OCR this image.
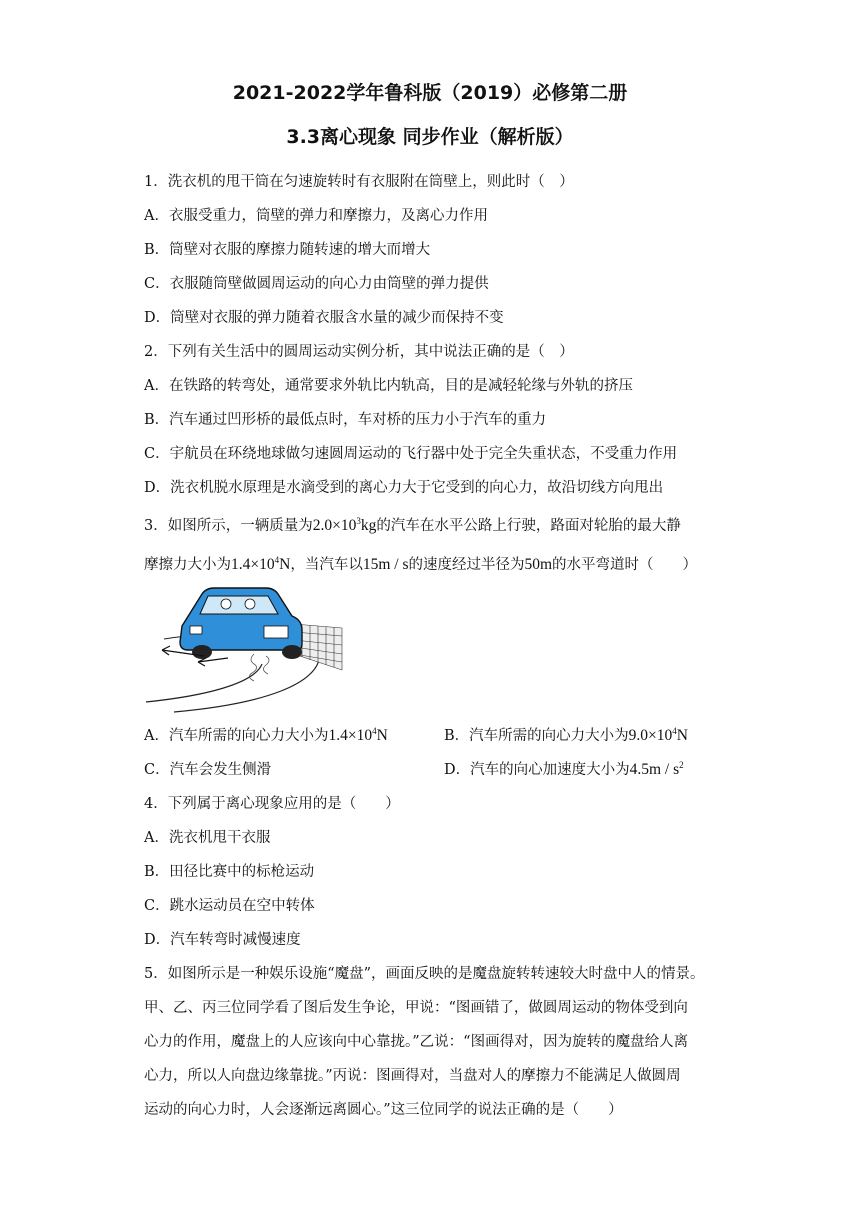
2021-2022学年鲁科版（2019）必修第二册
3.3离心现象 同步作业（解析版）
1．洗衣机的甩干筒在匀速旋转时有衣服附在筒壁上，则此时（　）
A．衣服受重力，筒壁的弹力和摩擦力，及离心力作用
B．筒壁对衣服的摩擦力随转速的增大而增大
C．衣服随筒壁做圆周运动的向心力由筒壁的弹力提供
D．筒壁对衣服的弹力随着衣服含水量的减少而保持不变
2．下列有关生活中的圆周运动实例分析，其中说法正确的是（　）
A．在铁路的转弯处，通常要求外轨比内轨高，目的是减轻轮缘与外轨的挤压
B．汽车通过凹形桥的最低点时，车对桥的压力小于汽车的重力
C．宇航员在环绕地球做匀速圆周运动的飞行器中处于完全失重状态，不受重力作用
D．洗衣机脱水原理是水滴受到的离心力大于它受到的向心力，故沿切线方向甩出
3．如图所示，一辆质量为$2.0\times 10^3kg$的汽车在水平公路上行驶，路面对轮胎的最大静
摩擦力大小为$1.4\times 10^4N$，当汽车以15m / s的速度经过半径为50m的水平弯道时（　　）
A．汽车所需的向心力大小为$1.4\times 10^4N$	B．汽车所需的向心力大小为$9.0\times 10^4N$
C．汽车会发生侧滑	D．汽车的向心加速度大小为$4.5m / s^2$
4．下列属于离心现象应用的是（　　）
A．洗衣机甩干衣服
B．田径比赛中的标枪运动
C．跳水运动员在空中转体
D．汽车转弯时减慢速度
5．如图所示是一种娱乐设施“魔盘”，画面反映的是魔盘旋转转速较大时盘中人的情景。
甲、乙、丙三位同学看了图后发生争论，甲说：“图画错了，做圆周运动的物体受到向
心力的作用，魔盘上的人应该向中心靠拢。”乙说：“图画得对，因为旋转的魔盘给人离
心力，所以人向盘边缘靠拢。”丙说：图画得对，当盘对人的摩擦力不能满足人做圆周
运动的向心力时，人会逐渐远离圆心。”这三位同学的说法正确的是（　　）
